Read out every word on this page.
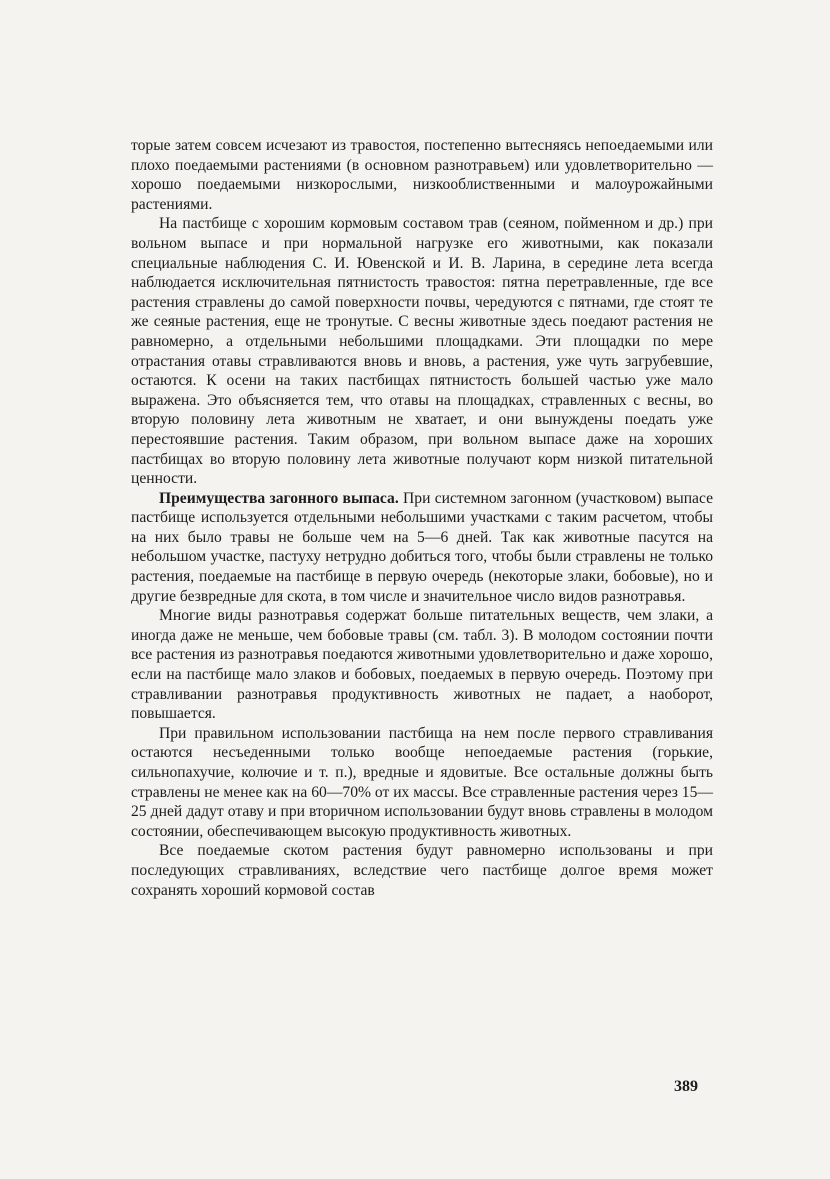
торые затем совсем исчезают из травостоя, постепенно вытесняясь непоедаемыми или плохо поедаемыми растениями (в основном разнотравьем) или удовлетворительно — хорошо поедаемыми низкорослыми, низкооблиственными и малоурожайными растениями.

На пастбище с хорошим кормовым составом трав (сеяном, пойменном и др.) при вольном выпасе и при нормальной нагрузке его животными, как показали специальные наблюдения С. И. Ювенской и И. В. Ларина, в середине лета всегда наблюдается исключительная пятнистость травостоя: пятна перетравленные, где все растения стравлены до самой поверхности почвы, чередуются с пятнами, где стоят те же сеяные растения, еще не тронутые. С весны животные здесь поедают растения не равномерно, а отдельными небольшими площадками. Эти площадки по мере отрастания отавы стравливаются вновь и вновь, а растения, уже чуть загрубевшие, остаются. К осени на таких пастбищах пятнистость большей частью уже мало выражена. Это объясняется тем, что отавы на площадках, стравленных с весны, во вторую половину лета животным не хватает, и они вынуждены поедать уже перестоявшие растения. Таким образом, при вольном выпасе даже на хороших пастбищах во вторую половину лета животные получают корм низкой питательной ценности.

Преимущества загонного выпаса. При системном загонном (участковом) выпасе пастбище используется отдельными небольшими участками с таким расчетом, чтобы на них было травы не больше чем на 5—6 дней. Так как животные пасутся на небольшом участке, пастуху нетрудно добиться того, чтобы были стравлены не только растения, поедаемые на пастбище в первую очередь (некоторые злаки, бобовые), но и другие безвредные для скота, в том числе и значительное число видов разнотравья.

Многие виды разнотравья содержат больше питательных веществ, чем злаки, а иногда даже не меньше, чем бобовые травы (см. табл. 3). В молодом состоянии почти все растения из разнотравья поедаются животными удовлетворительно и даже хорошо, если на пастбище мало злаков и бобовых, поедаемых в первую очередь. Поэтому при стравливании разнотравья продуктивность животных не падает, а наоборот, повышается.

При правильном использовании пастбища на нем после первого стравливания остаются несъеденными только вообще непоедаемые растения (горькие, сильнопахучие, колючие и т. п.), вредные и ядовитые. Все остальные должны быть стравлены не менее как на 60—70% от их массы. Все стравленные растения через 15—25 дней дадут отаву и при вторичном использовании будут вновь стравлены в молодом состоянии, обеспечивающем высокую продуктивность животных.

Все поедаемые скотом растения будут равномерно использованы и при последующих стравливаниях, вследствие чего пастбище долгое время может сохранять хороший кормовой состав

389
